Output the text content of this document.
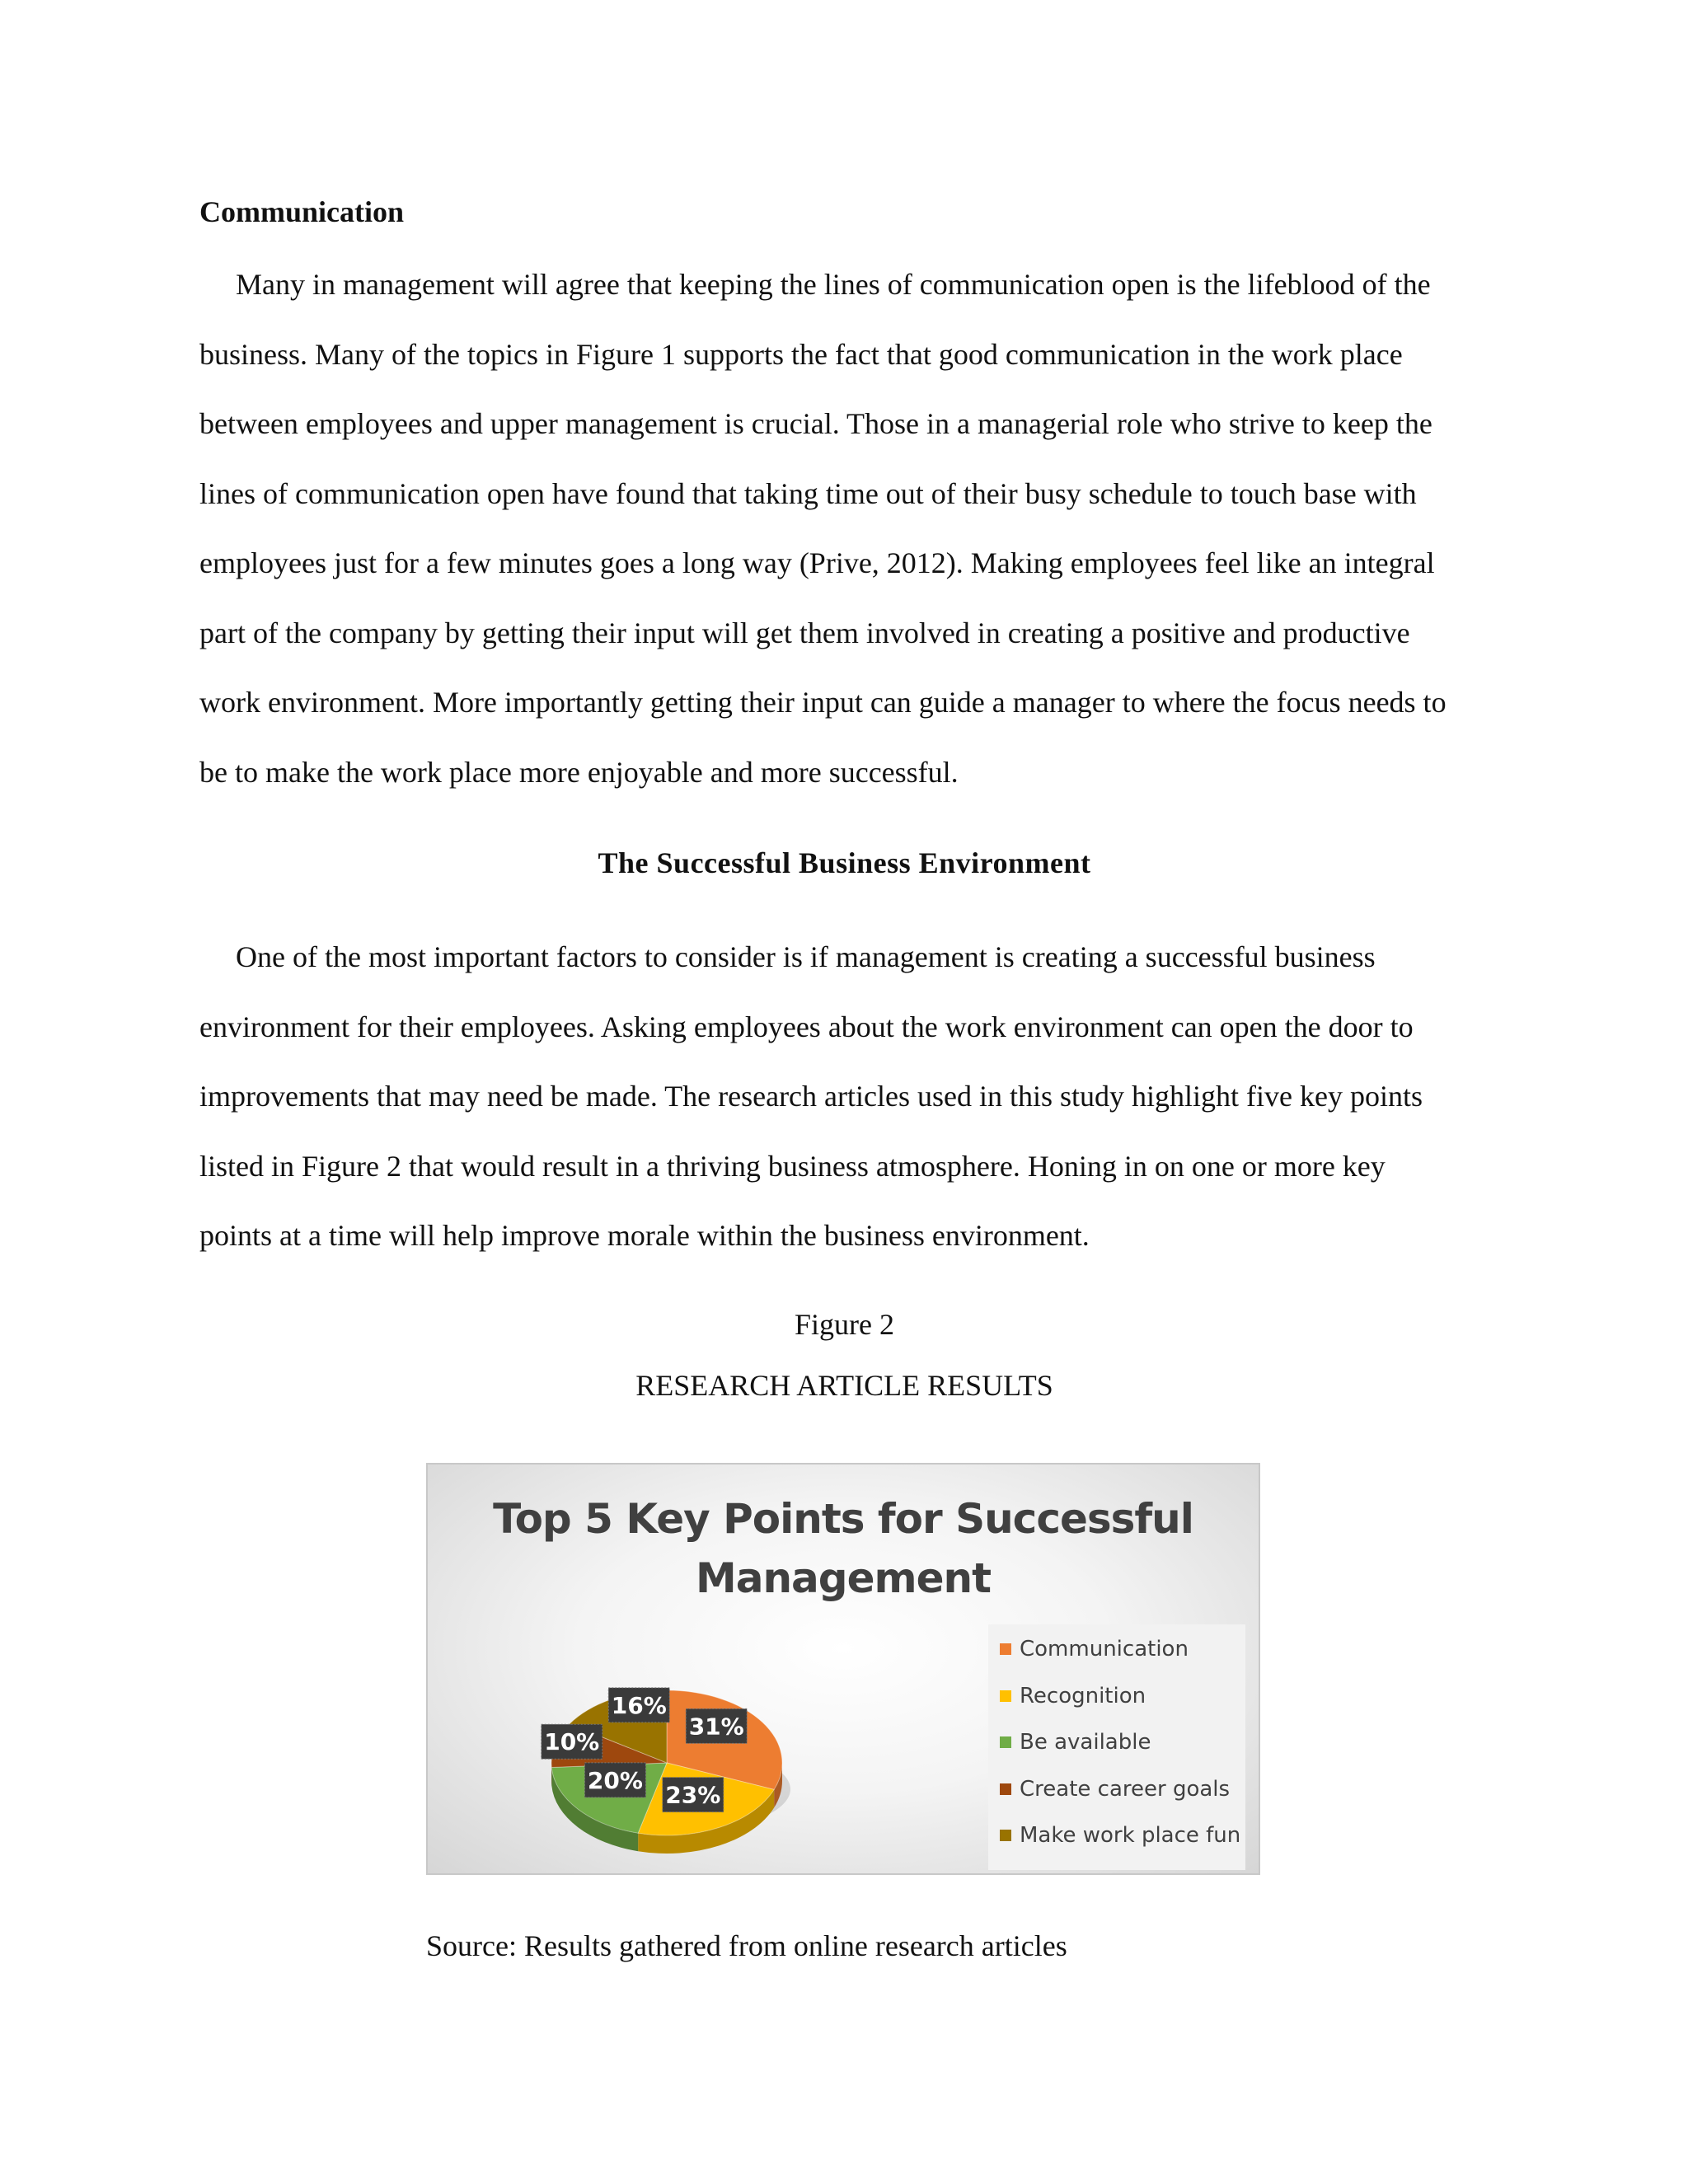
Communication
Many in management will agree that keeping the lines of communication open is the lifeblood of the
business. Many of the topics in Figure 1 supports the fact that good communication in the work place
between employees and upper management is crucial. Those in a managerial role who strive to keep the
lines of communication open have found that taking time out of their busy schedule to touch base with
employees just for a few minutes goes a long way (Prive, 2012). Making employees feel like an integral
part of the company by getting their input will get them involved in creating a positive and productive
work environment. More importantly getting their input can guide a manager to where the focus needs to
be to make the work place more enjoyable and more successful.
The Successful Business Environment
One of the most important factors to consider is if management is creating a successful business
environment for their employees. Asking employees about the work environment can open the door to
improvements that may need be made. The research articles used in this study highlight five key points
listed in Figure 2 that would result in a thriving business atmosphere. Honing in on one or more key
points at a time will help improve morale within the business environment.
Figure 2
RESEARCH ARTICLE RESULTS
Top 5 Key Points for Successful
Management
31%
23%
20%
10%
16%
Communication
Recognition
Be available
Create career goals
Make work place fun
Source: Results gathered from online research articles
